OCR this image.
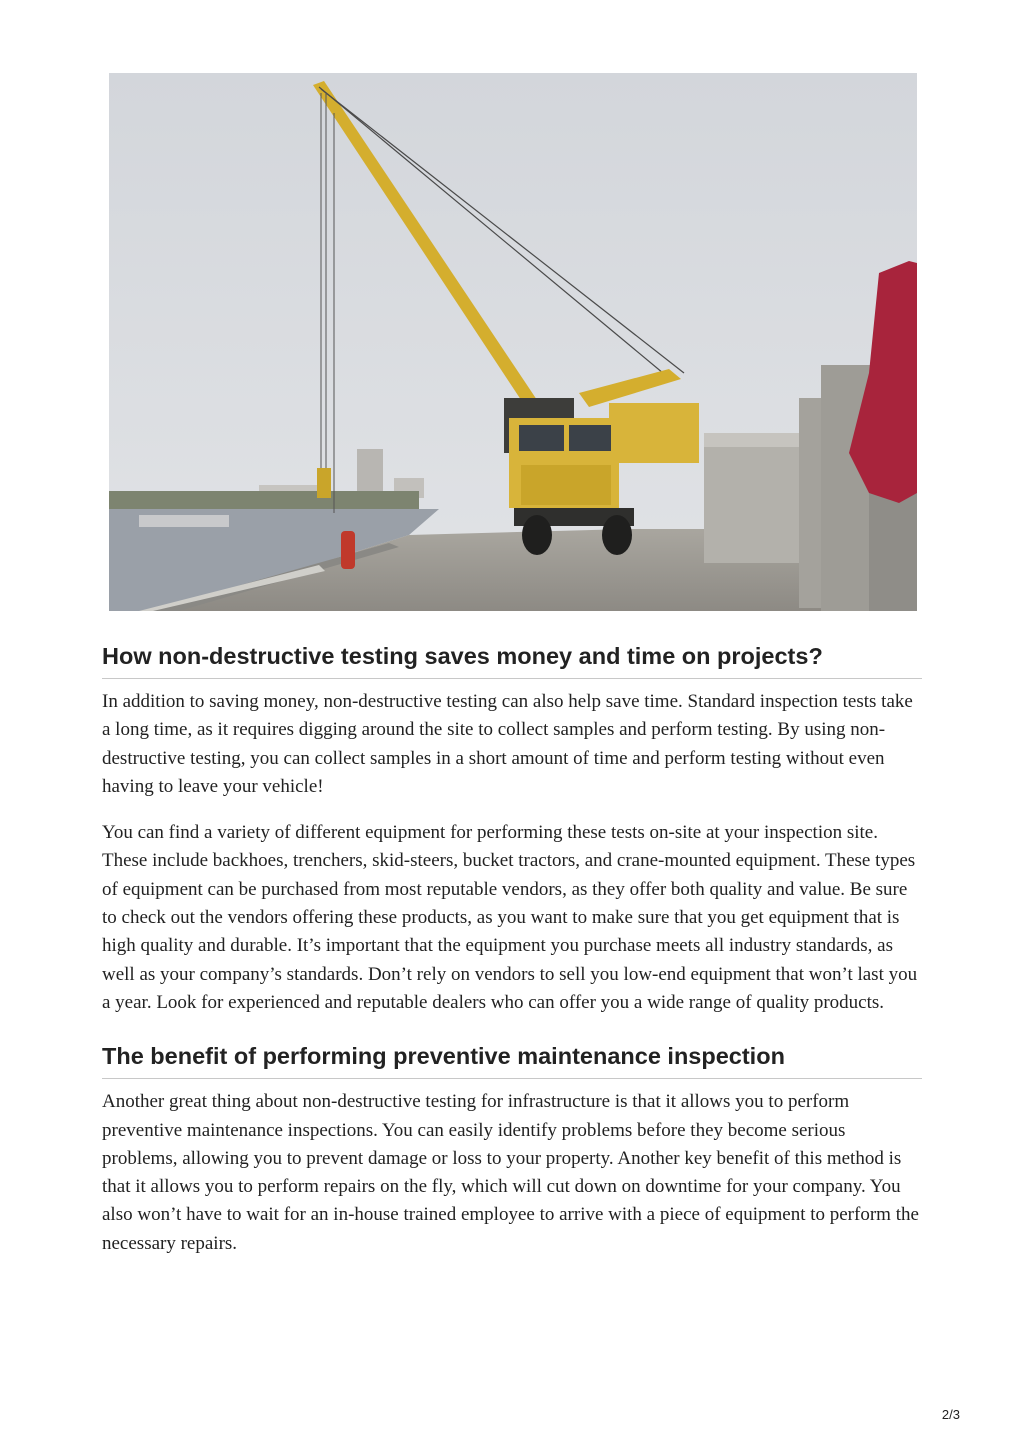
How non-destructive testing saves money and time on projects?

In addition to saving money, non-destructive testing can also help save time. Standard inspection tests take a long time, as it requires digging around the site to collect samples and perform testing. By using non-destructive testing, you can collect samples in a short amount of time and perform testing without even having to leave your vehicle!

You can find a variety of different equipment for performing these tests on-site at your inspection site. These include backhoes, trenchers, skid-steers, bucket tractors, and crane-mounted equipment. These types of equipment can be purchased from most reputable vendors, as they offer both quality and value. Be sure to check out the vendors offering these products, as you want to make sure that you get equipment that is high quality and durable. It’s important that the equipment you purchase meets all industry standards, as well as your company’s standards. Don’t rely on vendors to sell you low-end equipment that won’t last you a year. Look for experienced and reputable dealers who can offer you a wide range of quality products.

The benefit of performing preventive maintenance inspection

Another great thing about non-destructive testing for infrastructure is that it allows you to perform preventive maintenance inspections. You can easily identify problems before they become serious problems, allowing you to prevent damage or loss to your property. Another key benefit of this method is that it allows you to perform repairs on the fly, which will cut down on downtime for your company. You also won’t have to wait for an in-house trained employee to arrive with a piece of equipment to perform the necessary repairs.

2/3
